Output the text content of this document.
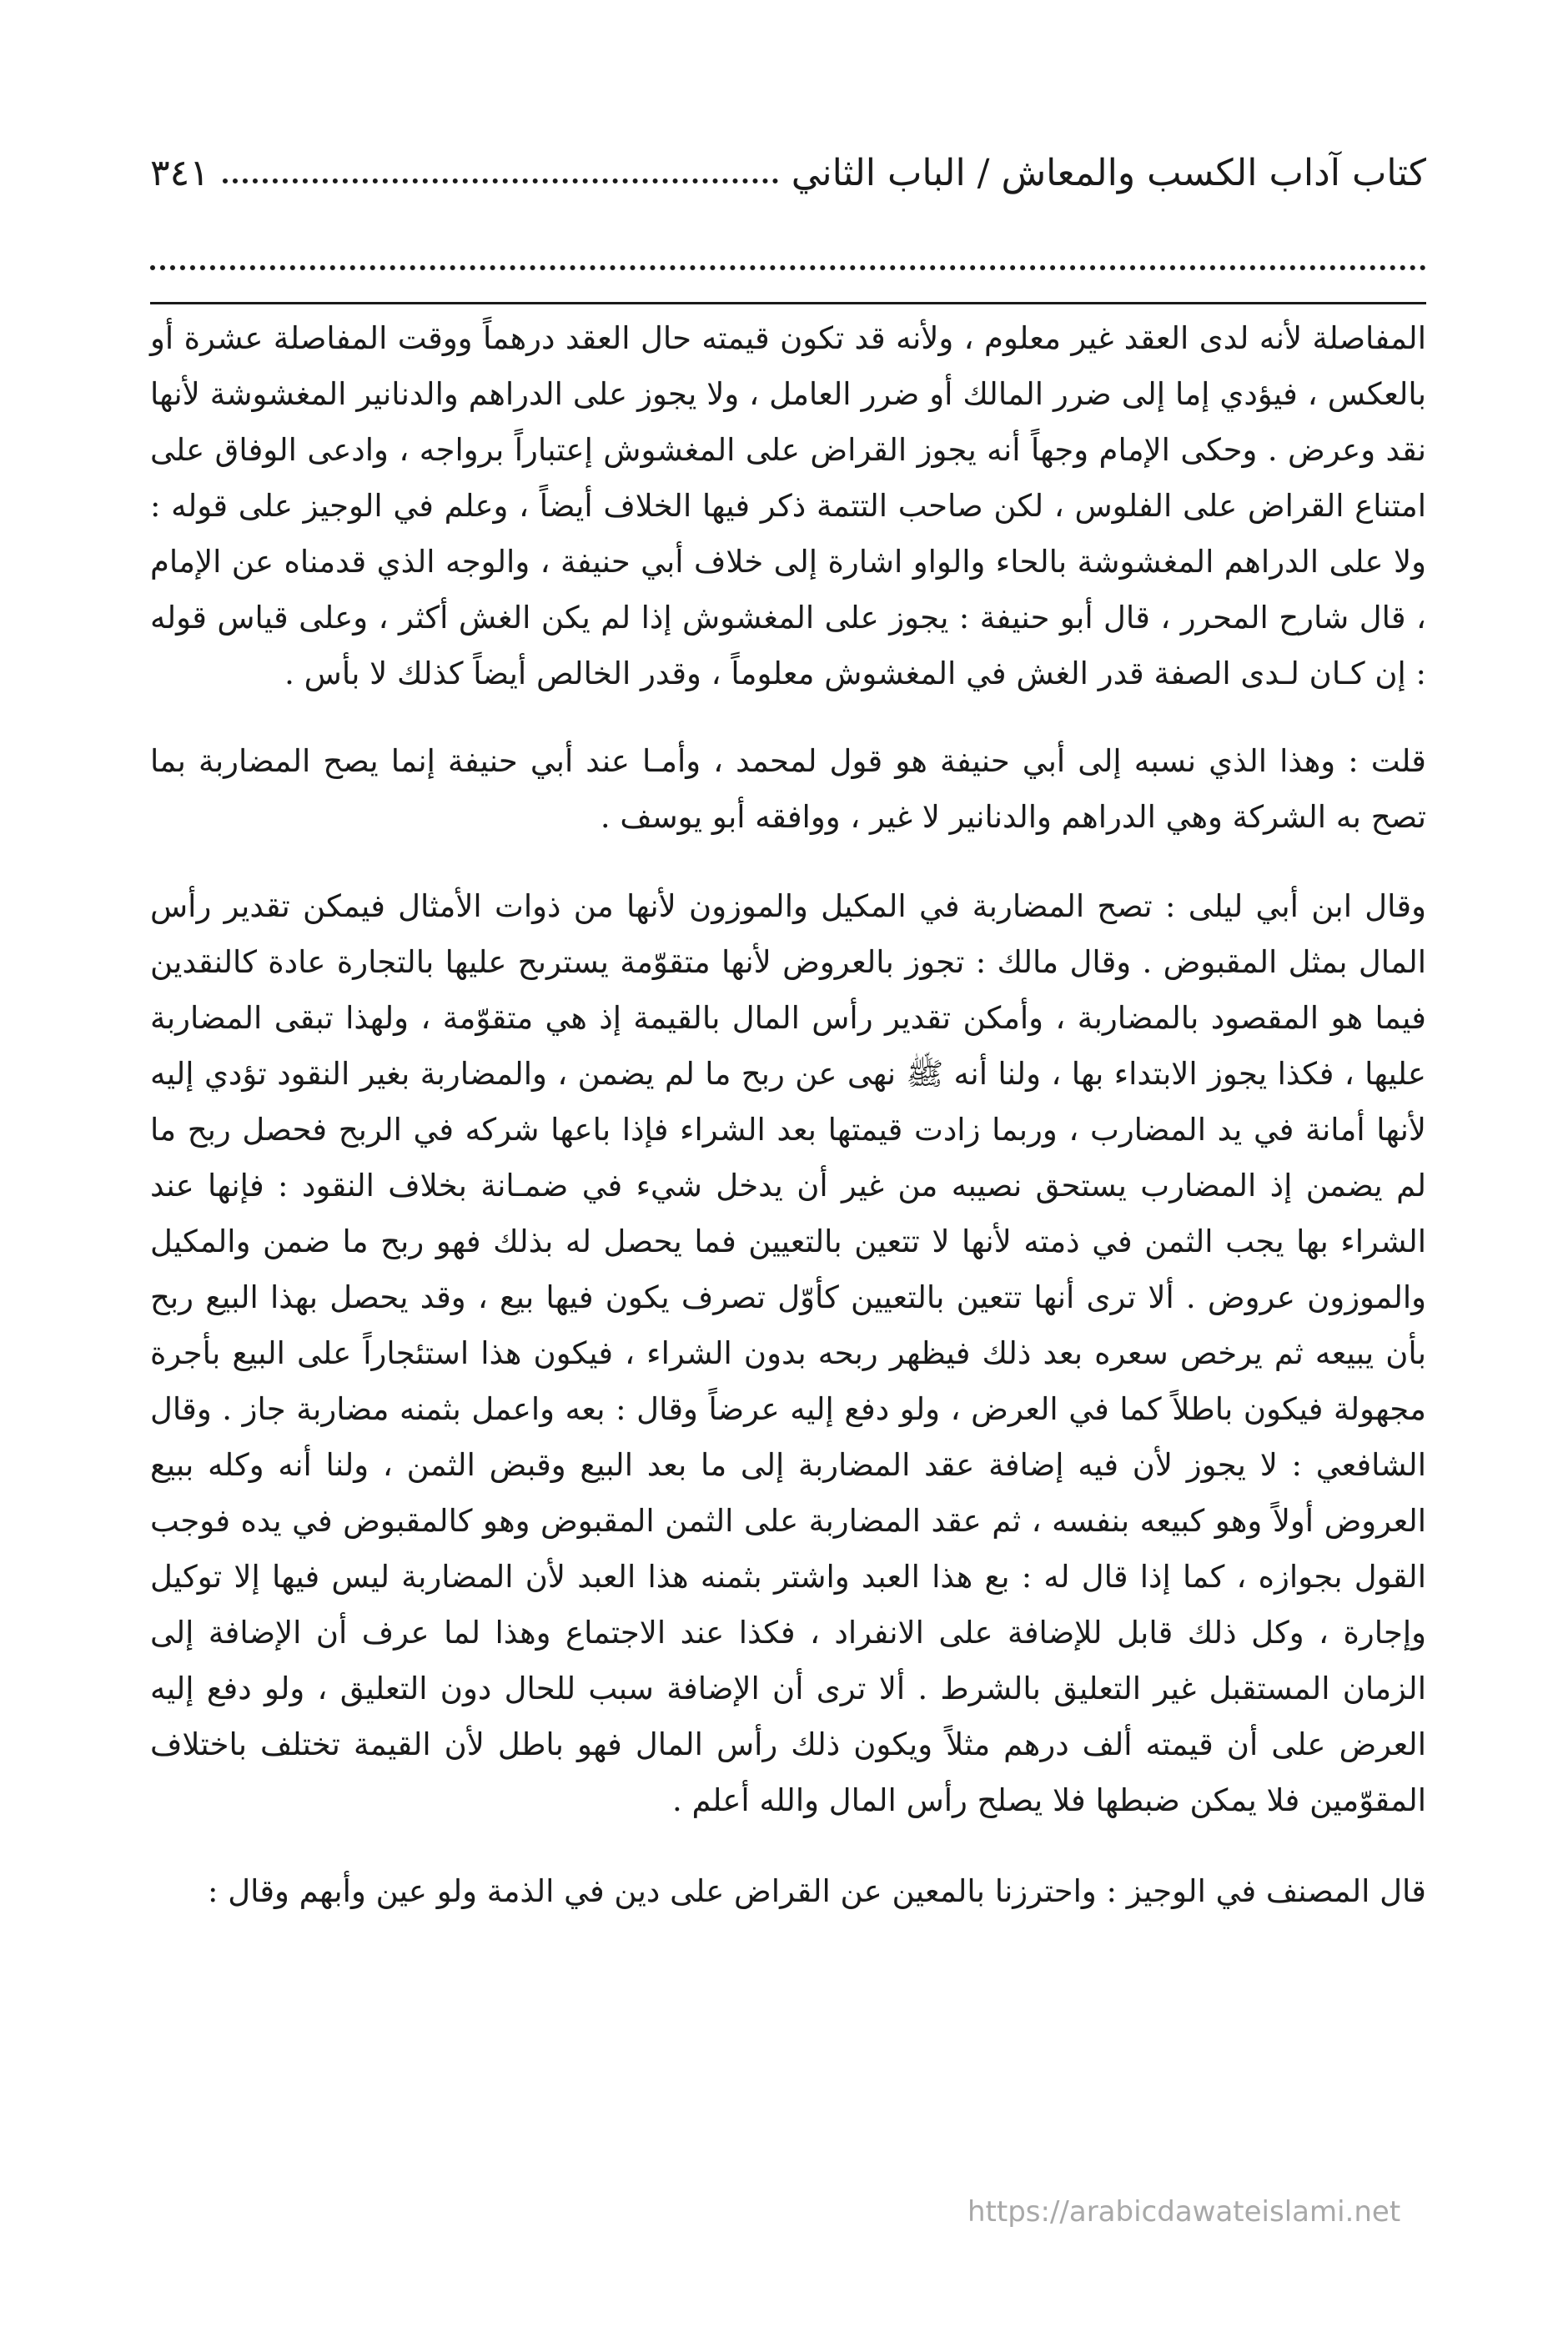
كتاب آداب الكسب والمعاش / الباب الثاني
٣٤١

المفاصلة لأنه لدى العقد غير معلوم ، ولأنه قد تكون قيمته حال العقد درهماً ووقت المفاصلة عشرة أو بالعكس ، فيؤدي إما إلى ضرر المالك أو ضرر العامل ، ولا يجوز على الدراهم والدنانير المغشوشة لأنها نقد وعرض . وحكى الإمام وجهاً أنه يجوز القراض على المغشوش إعتباراً برواجه ، وادعى الوفاق على امتناع القراض على الفلوس ، لكن صاحب التتمة ذكر فيها الخلاف أيضاً ، وعلم في الوجيز على قوله : ولا على الدراهم المغشوشة بالحاء والواو اشارة إلى خلاف أبي حنيفة ، والوجه الذي قدمناه عن الإمام ، قال شارح المحرر ، قال أبو حنيفة : يجوز على المغشوش إذا لم يكن الغش أكثر ، وعلى قياس قوله : إن كـان لـدى الصفة قدر الغش في المغشوش معلوماً ، وقدر الخالص أيضاً كذلك لا بأس .

قلت : وهذا الذي نسبه إلى أبي حنيفة هو قول لمحمد ، وأمـا عند أبي حنيفة إنما يصح المضاربة بما تصح به الشركة وهي الدراهم والدنانير لا غير ، ووافقه أبو يوسف .

وقال ابن أبي ليلى : تصح المضاربة في المكيل والموزون لأنها من ذوات الأمثال فيمكن تقدير رأس المال بمثل المقبوض . وقال مالك : تجوز بالعروض لأنها متقوّمة يسترىح عليها بالتجارة عادة كالنقدين فيما هو المقصود بالمضاربة ، وأمكن تقدير رأس المال بالقيمة إذ هي متقوّمة ، ولهذا تبقى المضاربة عليها ، فكذا يجوز الابتداء بها ، ولنا أنه ﷺ نهى عن ربح ما لم يضمن ، والمضاربة بغير النقود تؤدي إليه لأنها أمانة في يد المضارب ، وربما زادت قيمتها بعد الشراء فإذا باعها شركه في الربح فحصل ربح ما لم يضمن إذ المضارب يستحق نصيبه من غير أن يدخل شيء في ضمـانة بخلاف النقود : فإنها عند الشراء بها يجب الثمن في ذمته لأنها لا تتعين بالتعيين فما يحصل له بذلك فهو ربح ما ضمن والمكيل والموزون عروض . ألا ترى أنها تتعين بالتعيين كأوّل تصرف يكون فيها بيع ، وقد يحصل بهذا البيع ربح بأن يبيعه ثم يرخص سعره بعد ذلك فيظهر ربحه بدون الشراء ، فيكون هذا استئجاراً على البيع بأجرة مجهولة فيكون باطلاً كما في العرض ، ولو دفع إليه عرضاً وقال : بعه واعمل بثمنه مضاربة جاز . وقال الشافعي : لا يجوز لأن فيه إضافة عقد المضاربة إلى ما بعد البيع وقبض الثمن ، ولنا أنه وكله ببيع العروض أولاً وهو كبيعه بنفسه ، ثم عقد المضاربة على الثمن المقبوض وهو كالمقبوض في يده فوجب القول بجوازه ، كما إذا قال له : بع هذا العبد واشتر بثمنه هذا العبد لأن المضاربة ليس فيها إلا توكيل وإجارة ، وكل ذلك قابل للإضافة على الانفراد ، فكذا عند الاجتماع وهذا لما عرف أن الإضافة إلى الزمان المستقبل غير التعليق بالشرط . ألا ترى أن الإضافة سبب للحال دون التعليق ، ولو دفع إليه العرض على أن قيمته ألف درهم مثلاً ويكون ذلك رأس المال فهو باطل لأن القيمة تختلف باختلاف المقوّمين فلا يمكن ضبطها فلا يصلح رأس المال والله أعلم .

قال المصنف في الوجيز : واحترزنا بالمعين عن القراض على دين في الذمة ولو عين وأبهم وقال :

https://arabicdawateislami.net
